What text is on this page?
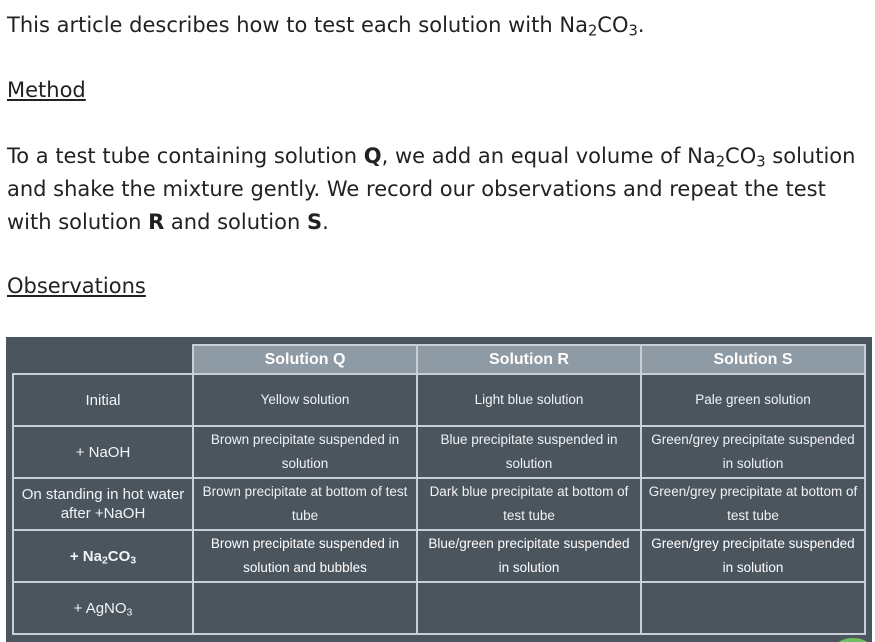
This article describes how to test each solution with $Na_2CO_3$.

Method

To a test tube containing solution Q, we add an equal volume of $Na_2CO_3$ solution and shake the mixture gently. We record our observations and repeat the test with solution R and solution S.

Observations

	Solution Q	Solution R	Solution S
Initial	Yellow solution	Light blue solution	Pale green solution
+ NaOH	Brown precipitate suspended in solution	Blue precipitate suspended in solution	Green/grey precipitate suspended in solution
On standing in hot water after +NaOH	Brown precipitate at bottom of test tube	Dark blue precipitate at bottom of test tube	Green/grey precipitate at bottom of test tube
+ $Na_2CO_3$	Brown precipitate suspended in solution and bubbles	Blue/green precipitate suspended in solution	Green/grey precipitate suspended in solution
+ AgNO$_3$			
